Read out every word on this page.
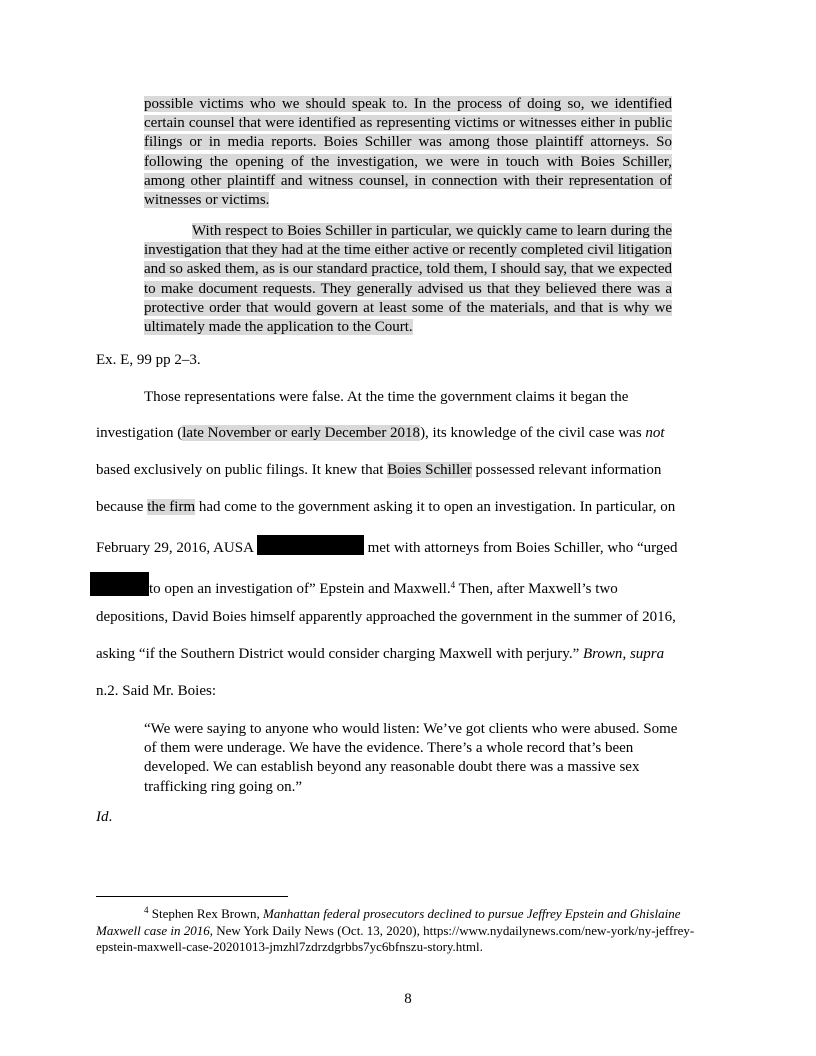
possible victims who we should speak to. In the process of doing so, we identified certain counsel that were identified as representing victims or witnesses either in public filings or in media reports. Boies Schiller was among those plaintiff attorneys. So following the opening of the investigation, we were in touch with Boies Schiller, among other plaintiff and witness counsel, in connection with their representation of witnesses or victims.

With respect to Boies Schiller in particular, we quickly came to learn during the investigation that they had at the time either active or recently completed civil litigation and so asked them, as is our standard practice, told them, I should say, that we expected to make document requests. They generally advised us that they believed there was a protective order that would govern at least some of the materials, and that is why we ultimately made the application to the Court.

Ex. E, 99 pp 2–3.
Those representations were false. At the time the government claims it began the
investigation (late November or early December 2018), its knowledge of the civil case was not
based exclusively on public filings. It knew that Boies Schiller possessed relevant information
because the firm had come to the government asking it to open an investigation. In particular, on
February 29, 2016, AUSA	met with attorneys from Boies Schiller, who “urged
to open an investigation of” Epstein and Maxwell.$^4$ Then, after Maxwell’s two
depositions, David Boies himself apparently approached the government in the summer of 2016,
asking “if the Southern District would consider charging Maxwell with perjury.” Brown, supra
n.2. Said Mr. Boies:

“We were saying to anyone who would listen: We’ve got clients who were abused. Some of them were underage. We have the evidence. There’s a whole record that’s been developed. We can establish beyond any reasonable doubt there was a massive sex trafficking ring going on.”

Id.

$^4$ Stephen Rex Brown, Manhattan federal prosecutors declined to pursue Jeffrey Epstein and Ghislaine Maxwell case in 2016, New York Daily News (Oct. 13, 2020), https://www.nydailynews.com/new-york/ny-jeffrey-epstein-maxwell-case-20201013-jmzhl7zdrzdgrbbs7yc6bfnszu-story.html.

8
